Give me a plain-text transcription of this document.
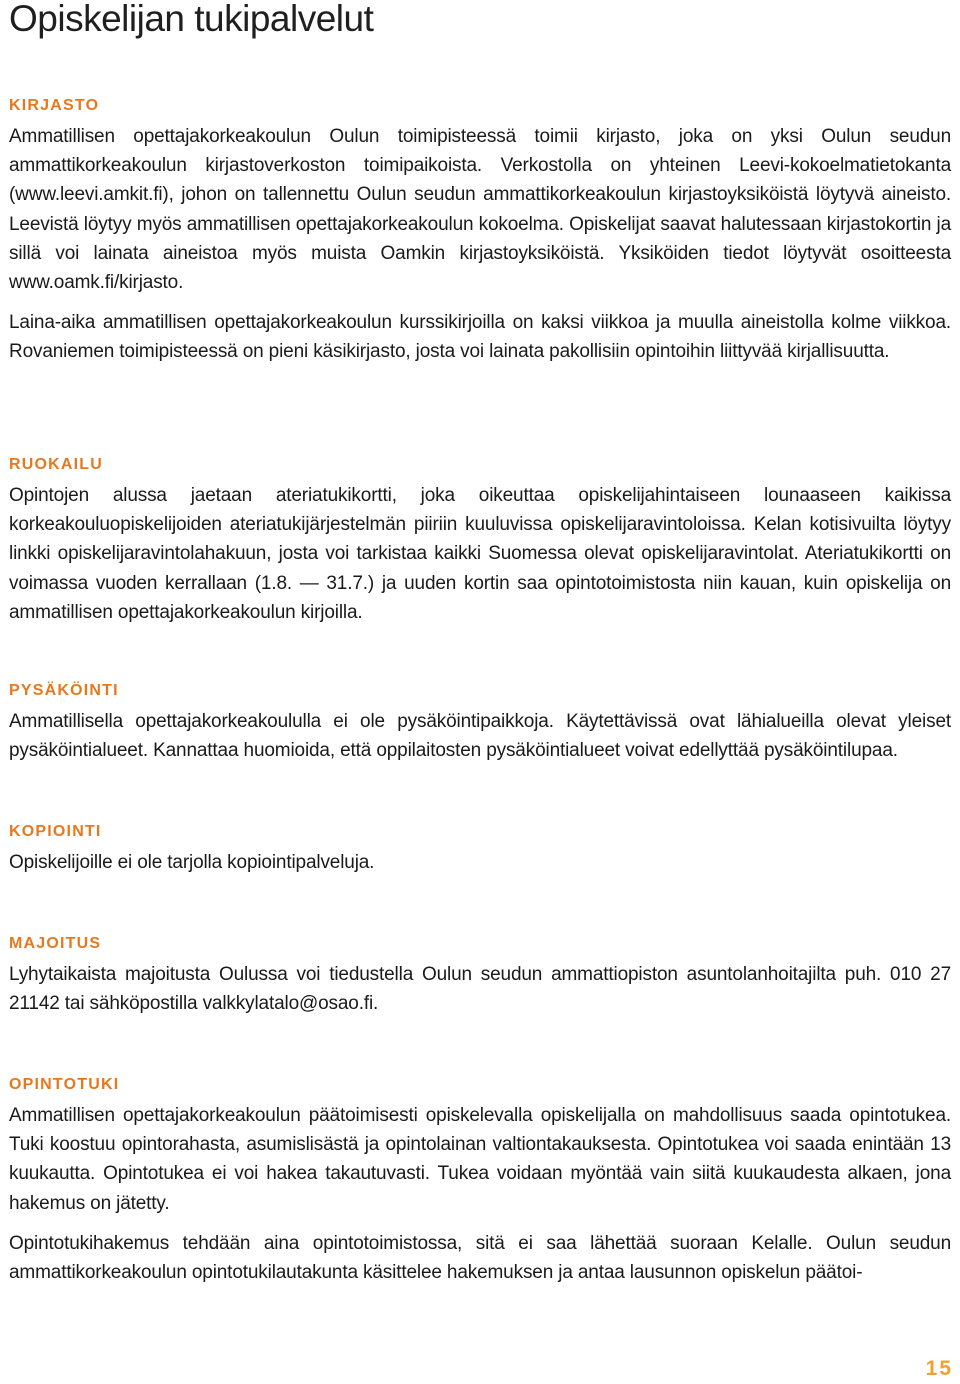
Opiskelijan tukipalvelut
KIRJASTO

Ammatillisen opettajakorkeakoulun Oulun toimipisteessä toimii kirjasto, joka on yksi Oulun seudun ammattikorkeakoulun kirjastoverkoston toimipaikoista. Verkostolla on yhteinen Leevi-kokoelmatietokanta (www.leevi.amkit.fi), johon on tallennettu Oulun seudun ammattikorkeakoulun kirjastoyksiköistä löytyvä aineisto. Leevistä löytyy myös ammatillisen opettajakorkeakoulun kokoelma. Opiskelijat saavat halutessaan kirjastokortin ja sillä voi lainata aineistoa myös muista Oamkin kirjastoyksiköistä. Yksiköiden tiedot löytyvät osoitteesta www.oamk.fi/kirjasto.

Laina-aika ammatillisen opettajakorkeakoulun kurssikirjoilla on kaksi viikkoa ja muulla aineistolla kolme viikkoa. Rovaniemen toimipisteessä on pieni käsikirjasto, josta voi lainata pakollisiin opintoihin liittyvää kirjallisuutta.

RUOKAILU

Opintojen alussa jaetaan ateriatukikortti, joka oikeuttaa opiskelijahintaiseen lounaaseen kaikissa korkeakouluopiskelijoiden ateriatukijärjestelmän piiriin kuuluvissa opiskelijaravintoloissa. Kelan kotisivuilta löytyy linkki opiskelijaravintolahakuun, josta voi tarkistaa kaikki Suomessa olevat opiskelijaravintolat. Ateriatukikortti on voimassa vuoden kerrallaan (1.8. — 31.7.) ja uuden kortin saa opintotoimistosta niin kauan, kuin opiskelija on ammatillisen opettajakorkeakoulun kirjoilla.

PYSÄKÖINTI

Ammatillisella opettajakorkeakoululla ei ole pysäköintipaikkoja. Käytettävissä ovat lähialueilla olevat yleiset pysäköintialueet. Kannattaa huomioida, että oppilaitosten pysäköintialueet voivat edellyttää pysäköintilupaa.

KOPIOINTI

Opiskelijoille ei ole tarjolla kopiointipalveluja.

MAJOITUS

Lyhytaikaista majoitusta Oulussa voi tiedustella Oulun seudun ammattiopiston asuntolanhoitajilta puh. 010 27 21142 tai sähköpostilla valkkylatalo@osao.fi.

OPINTOTUKI

Ammatillisen opettajakorkeakoulun päätoimisesti opiskelevalla opiskelijalla on mahdollisuus saada opintotukea. Tuki koostuu opintorahasta, asumislisästä ja opintolainan valtiontakauksesta. Opintotukea voi saada enintään 13 kuukautta. Opintotukea ei voi hakea takautuvasti. Tukea voidaan myöntää vain siitä kuukaudesta alkaen, jona hakemus on jätetty.

Opintotukihakemus tehdään aina opintotoimistossa, sitä ei saa lähettää suoraan Kelalle. Oulun seudun ammattikorkeakoulun opintotukilautakunta käsittelee hakemuksen ja antaa lausunnon opiskelun päätoi-

15
